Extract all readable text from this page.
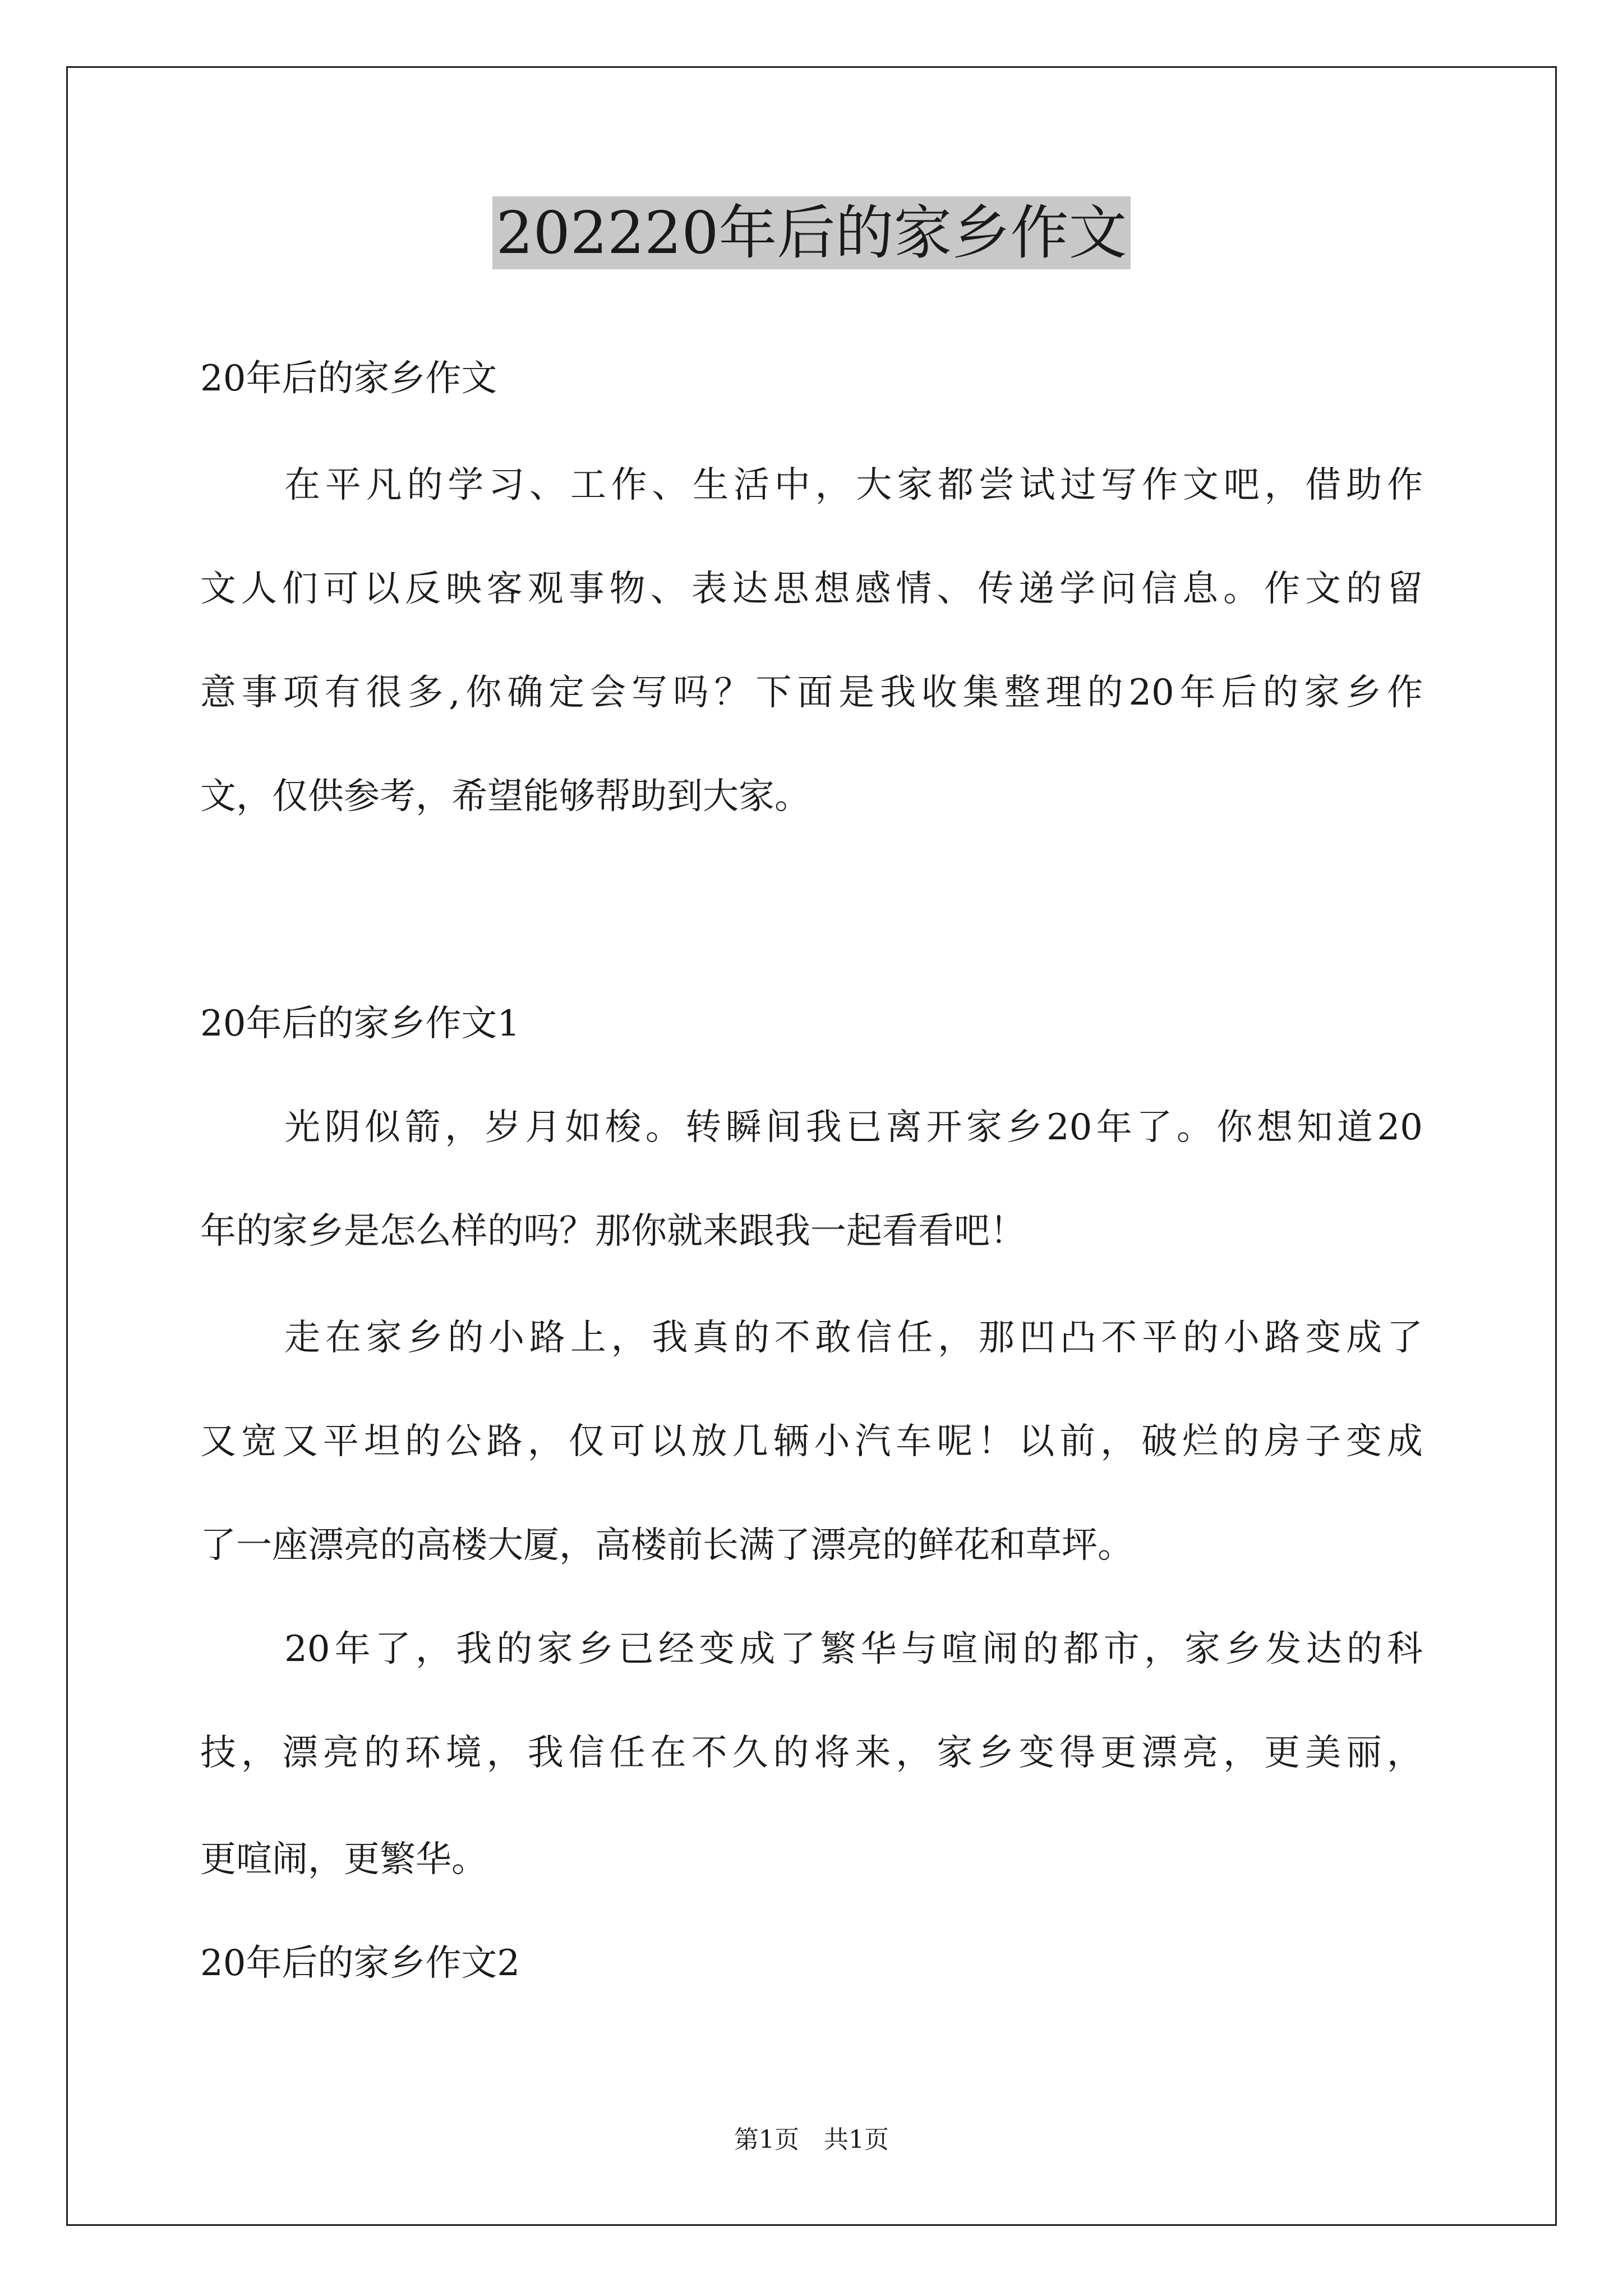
202220年后的家乡作文
20年后的家乡作文
在平凡的学习、工作、生活中，大家都尝试过写作文吧，借助作
文人们可以反映客观事物、表达思想感情、传递学问信息。作文的留
意事项有很多,你确定会写吗？下面是我收集整理的20年后的家乡作
文，仅供参考，希望能够帮助到大家。
20年后的家乡作文1
光阴似箭，岁月如梭。转瞬间我已离开家乡20年了。你想知道20
年的家乡是怎么样的吗？那你就来跟我一起看看吧！
走在家乡的小路上，我真的不敢信任，那凹凸不平的小路变成了
又宽又平坦的公路，仅可以放几辆小汽车呢！以前，破烂的房子变成
了一座漂亮的高楼大厦，高楼前长满了漂亮的鲜花和草坪。
20年了，我的家乡已经变成了繁华与喧闹的都市，家乡发达的科
技，漂亮的环境，我信任在不久的将来，家乡变得更漂亮，更美丽，
更喧闹，更繁华。
20年后的家乡作文2
第1页 共1页
